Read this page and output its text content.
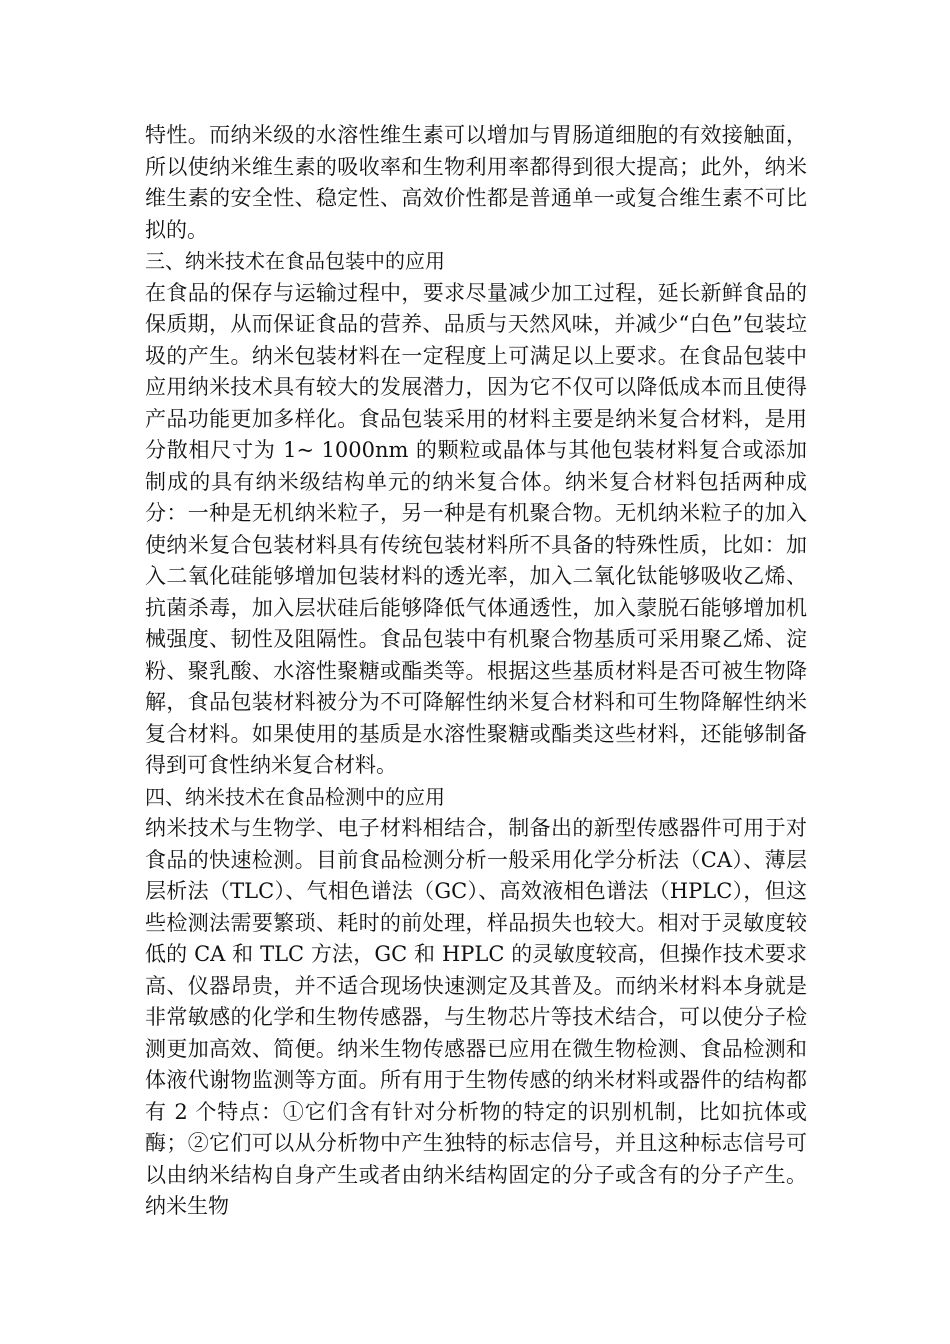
特性。而纳米级的水溶性维生素可以增加与胃肠道细胞的有效接触面，所以使纳米维生素的吸收率和生物利用率都得到很大提高；此外，纳米维生素的安全性、稳定性、高效价性都是普通单一或复合维生素不可比拟的。

三、纳米技术在食品包装中的应用

在食品的保存与运输过程中，要求尽量减少加工过程，延长新鲜食品的保质期，从而保证食品的营养、品质与天然风味，并减少“白色”包装垃圾的产生。纳米包装材料在一定程度上可满足以上要求。在食品包装中应用纳米技术具有较大的发展潜力，因为它不仅可以降低成本而且使得产品功能更加多样化。食品包装采用的材料主要是纳米复合材料，是用分散相尺寸为 1~ 1000nm 的颗粒或晶体与其他包装材料复合或添加制成的具有纳米级结构单元的纳米复合体。纳米复合材料包括两种成分：一种是无机纳米粒子，另一种是有机聚合物。无机纳米粒子的加入使纳米复合包装材料具有传统包装材料所不具备的特殊性质，比如：加入二氧化硅能够增加包装材料的透光率，加入二氧化钛能够吸收乙烯、抗菌杀毒，加入层状硅后能够降低气体通透性，加入蒙脱石能够增加机械强度、韧性及阻隔性。食品包装中有机聚合物基质可采用聚乙烯、淀粉、聚乳酸、水溶性聚糖或酯类等。根据这些基质材料是否可被生物降解，食品包装材料被分为不可降解性纳米复合材料和可生物降解性纳米复合材料。如果使用的基质是水溶性聚糖或酯类这些材料，还能够制备得到可食性纳米复合材料。

四、纳米技术在食品检测中的应用

纳米技术与生物学、电子材料相结合，制备出的新型传感器件可用于对食品的快速检测。目前食品检测分析一般采用化学分析法（CA）、薄层层析法（TLC）、气相色谱法（GC）、高效液相色谱法（HPLC），但这些检测法需要繁琐、耗时的前处理，样品损失也较大。相对于灵敏度较低的 CA 和 TLC 方法，GC 和 HPLC 的灵敏度较高，但操作技术要求高、仪器昂贵，并不适合现场快速测定及其普及。而纳米材料本身就是非常敏感的化学和生物传感器，与生物芯片等技术结合，可以使分子检测更加高效、简便。纳米生物传感器已应用在微生物检测、食品检测和体液代谢物监测等方面。所有用于生物传感的纳米材料或器件的结构都有 2 个特点：①它们含有针对分析物的特定的识别机制，比如抗体或酶；②它们可以从分析物中产生独特的标志信号，并且这种标志信号可以由纳米结构自身产生或者由纳米结构固定的分子或含有的分子产生。纳米生物
